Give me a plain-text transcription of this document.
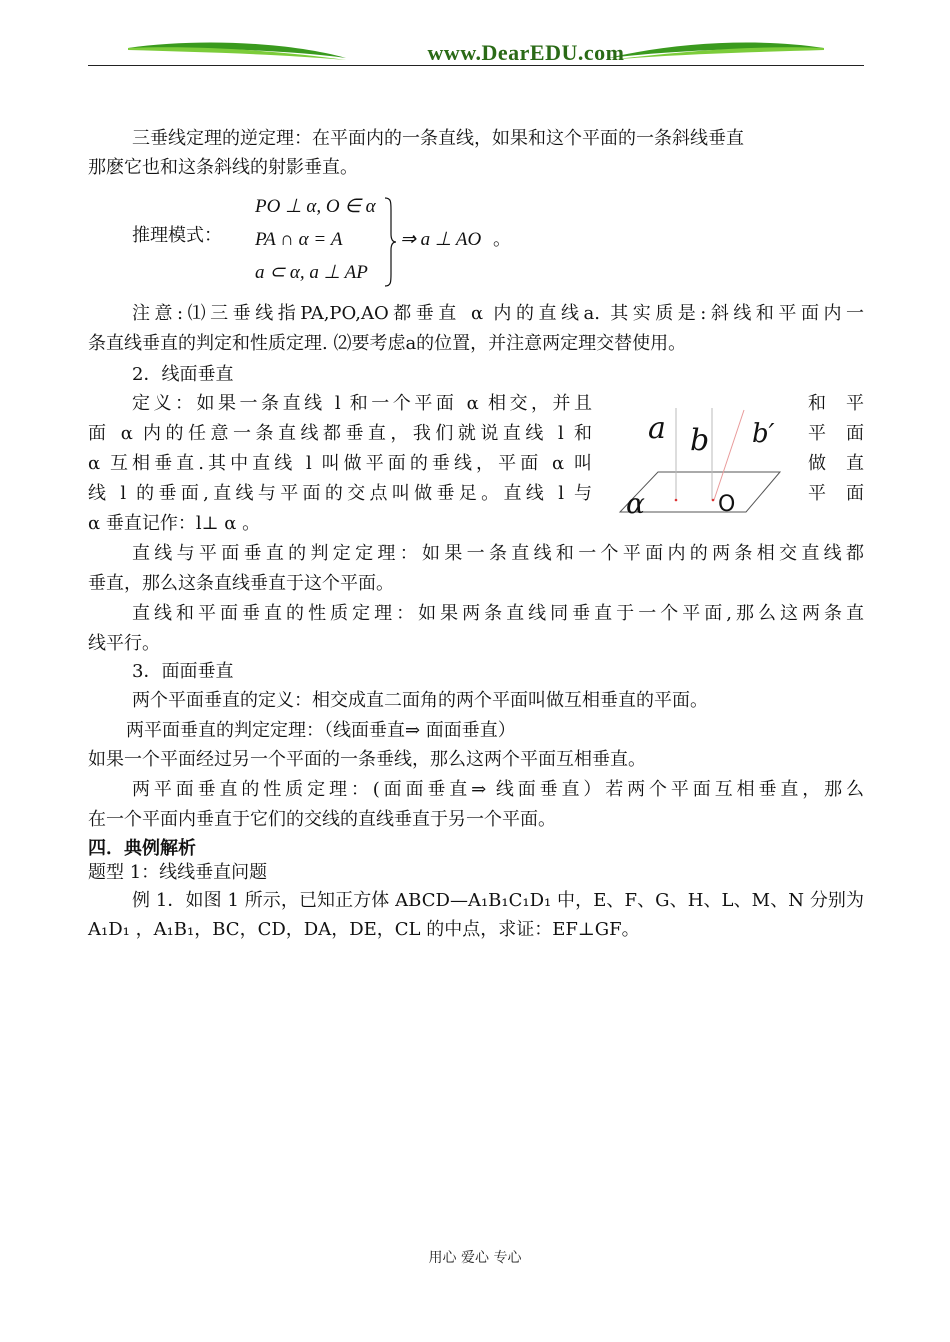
www.DearEDU.com
三垂线定理的逆定理：在平面内的一条直线，如果和这个平面的一条斜线垂直
那麽它也和这条斜线的射影垂直。
推理模式：
PO ⊥ α, O ∈ α
PA ∩ α = A
a ⊂ α, a ⊥ AP
⇒ a ⊥ AO 。
注意:⑴三垂线指PA,PO,AO都垂直 α 内的直线a. 其实质是:斜线和平面内一
条直线垂直的判定和性质定理. ⑵要考虑a的位置，并注意两定理交替使用。
2．线面垂直
定义：如果一条直线 l 和一个平面 α 相交，并且
面 α 内的任意一条直线都垂直，我们就说直线 l 和
α 互相垂直.其中直线 l 叫做平面的垂线，平面 α 叫
线 l 的垂面,直线与平面的交点叫做垂足。直线 l 与
α 垂直记作：l⊥ α 。
和 平
平 面
做 直
平 面
a b b′
α	O
直线与平面垂直的判定定理：如果一条直线和一个平面内的两条相交直线都
垂直，那么这条直线垂直于这个平面。
直线和平面垂直的性质定理：如果两条直线同垂直于一个平面,那么这两条直
线平行。
3．面面垂直
两个平面垂直的定义：相交成直二面角的两个平面叫做互相垂直的平面。
两平面垂直的判定定理：（线面垂直⇒ 面面垂直）
如果一个平面经过另一个平面的一条垂线，那么这两个平面互相垂直。
两平面垂直的性质定理：(面面垂直⇒ 线面垂直）若两个平面互相垂直，那么
在一个平面内垂直于它们的交线的直线垂直于另一个平面。
四．典例解析
题型 1：线线垂直问题
例 1．如图 1 所示，已知正方体 ABCD—A₁B₁C₁D₁ 中，E、F、G、H、L、M、N 分别为
A₁D₁ ，A₁B₁，BC，CD，DA，DE，CL 的中点，求证：EF⊥GF。
用心 爱心 专心
